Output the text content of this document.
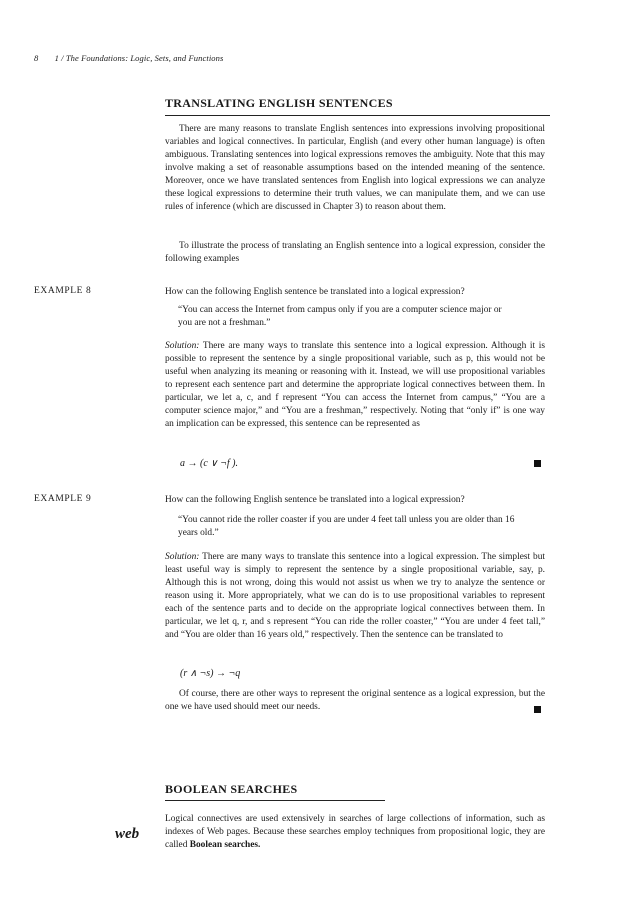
8 1 / The Foundations: Logic, Sets, and Functions
TRANSLATING ENGLISH SENTENCES

There are many reasons to translate English sentences into expressions involving propositional variables and logical connectives. In particular, English (and every other human language) is often ambiguous. Translating sentences into logical expressions removes the ambiguity. Note that this may involve making a set of reasonable assumptions based on the intended meaning of the sentence. Moreover, once we have translated sentences from English into logical expressions we can analyze these logical expressions to determine their truth values, we can manipulate them, and we can use rules of inference (which are discussed in Chapter 3) to reason about them.

To illustrate the process of translating an English sentence into a logical expression, consider the following examples

EXAMPLE 8	How can the following English sentence be translated into a logical expression?

“You can access the Internet from campus only if you are a computer science major or you are not a freshman.”

Solution: There are many ways to translate this sentence into a logical expression. Although it is possible to represent the sentence by a single propositional variable, such as p, this would not be useful when analyzing its meaning or reasoning with it. Instead, we will use propositional variables to represent each sentence part and determine the appropriate logical connectives between them. In particular, we let a, c, and f represent “You can access the Internet from campus,” “You are a computer science major,” and “You are a freshman,” respectively. Noting that “only if” is one way an implication can be expressed, this sentence can be represented as

a → (c ∨ ¬f ).
EXAMPLE 9	How can the following English sentence be translated into a logical expression?

“You cannot ride the roller coaster if you are under 4 feet tall unless you are older than 16 years old.”

Solution: There are many ways to translate this sentence into a logical expression. The simplest but least useful way is simply to represent the sentence by a single propositional variable, say, p. Although this is not wrong, doing this would not assist us when we try to analyze the sentence or reason using it. More appropriately, what we can do is to use propositional variables to represent each of the sentence parts and to decide on the appropriate logical connectives between them. In particular, we let q, r, and s represent “You can ride the roller coaster,” “You are under 4 feet tall,” and “You are older than 16 years old,” respectively. Then the sentence can be translated to

(r ∧ ¬s) → ¬q

Of course, there are other ways to represent the original sentence as a logical expression, but the one we have used should meet our needs.

BOOLEAN SEARCHES
web

Logical connectives are used extensively in searches of large collections of information, such as indexes of Web pages. Because these searches employ techniques from propositional logic, they are called Boolean searches.
